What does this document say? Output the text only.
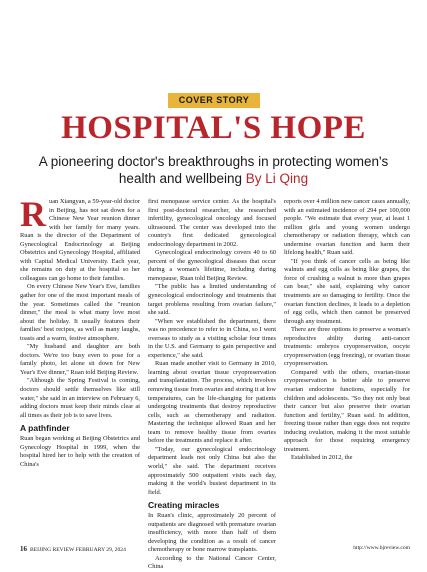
COVER STORY
HOSPITAL'S HOPE
A pioneering doctor's breakthroughs in protecting women's health and wellbeing By Li Qing

Ruan Xiangyan, a 59-year-old doctor in Beijing, has not sat down for a Chinese New Year reunion dinner with her family for many years. Ruan is the director of the Department of Gynecological Endocrinology at Beijing Obstetrics and Gynecology Hospital, affiliated with Capital Medical University. Each year, she remains on duty at the hospital so her colleagues can go home to their families.

On every Chinese New Year's Eve, families gather for one of the most important meals of the year. Sometimes called the "reunion dinner," the meal is what many love most about the holiday. It usually features their families' best recipes, as well as many laughs, toasts and a warm, festive atmosphere.

"My husband and daughter are both doctors. We're too busy even to pose for a family photo, let alone sit down for New Year's Eve dinner," Ruan told Beijing Review.

"Although the Spring Festival is coming, doctors should settle themselves like still water," she said in an interview on February 6, adding doctors must keep their minds clear at all times as their job is to save lives.

A pathfinder

Ruan began working at Beijing Obstetrics and Gynecology Hospital in 1999, when the hospital hired her to help with the creation of China's

first menopause service center. As the hospital's first post-doctoral researcher, she researched infertility, gynecological oncology and focused ultrasound. The center was developed into the country's first dedicated gynecological endocrinology department in 2002.

Gynecological endocrinology covers 40 to 60 percent of the gynecological diseases that occur during a woman's lifetime, including during menopause, Ruan told Beijing Review.

"The public has a limited understanding of gynecological endocrinology and treatments that target problems resulting from ovarian failure," she said.

"When we established the department, there was no precedence to refer to in China, so I went overseas to study as a visiting scholar four times in the U.S. and Germany to gain perspective and experience," she said.

Ruan made another visit to Germany in 2010, learning about ovarian tissue cryopreservation and transplantation. The process, which involves removing tissue from ovaries and storing it at low temperatures, can be life-changing for patients undergoing treatments that destroy reproductive cells, such as chemotherapy and radiation. Mastering the technique allowed Ruan and her team to remove healthy tissue from ovaries before the treatments and replace it after.

"Today, our gynecological endocrinology department leads not only China but also the world," she said. The department receives approximately 500 outpatient visits each day, making it the world's busiest department in its field.

Creating miracles

In Ruan's clinic, approximately 20 percent of outpatients are diagnosed with premature ovarian insufficiency, with more than half of them developing the condition as a result of cancer chemotherapy or bone marrow transplants.

According to the National Cancer Center, China

reports over 4 million new cancer cases annually, with an estimated incidence of 294 per 100,000 people. "We estimate that every year, at least 1 million girls and young women undergo chemotherapy or radiation therapy, which can undermine ovarian function and harm their lifelong health," Ruan said.

"If you think of cancer cells as being like walnuts and egg cells as being like grapes, the force of crushing a walnut is more than grapes can bear," she said, explaining why cancer treatments are so damaging to fertility. Once the ovarian function declines, it leads to a depletion of egg cells, which then cannot be preserved through any treatment.

There are three options to preserve a woman's reproductive ability during anti-cancer treatments: embryos cryopreservation, oocyte cryopreservation (egg freezing), or ovarian tissue cryopreservation.

Compared with the others, ovarian-tissue cryopreservation is better able to preserve ovarian endocrine functions, especially for children and adolescents. "So they not only beat their cancer but also preserve their ovarian function and fertility," Ruan said. In addition, freezing tissue rather than eggs does not require inducing ovulation, making it the most suitable approach for those requiring emergency treatment.

Established in 2012, the

16 BEIJING REVIEW FEBRUARY 29, 2024	http://www.bjreview.com
